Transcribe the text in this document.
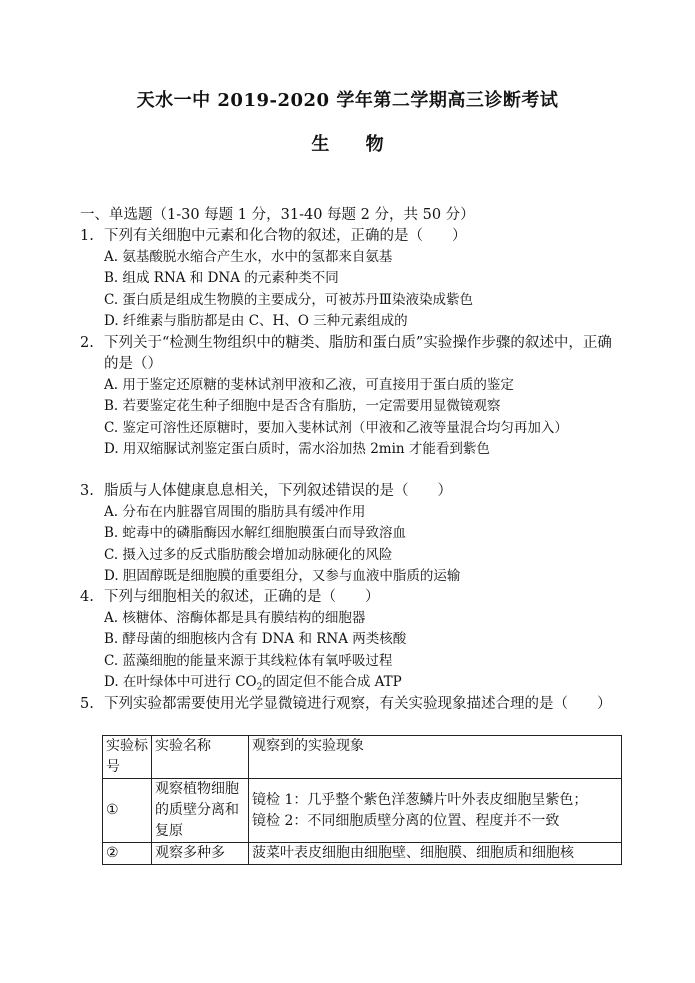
天水一中 2019-2020 学年第二学期高三诊断考试
生 物
一、单选题（1-30 每题 1 分，31-40 每题 2 分，共 50 分）
1. 下列有关细胞中元素和化合物的叙述，正确的是（　　）
A. 氨基酸脱水缩合产生水，水中的氢都来自氨基
B. 组成 RNA 和 DNA 的元素种类不同
C. 蛋白质是组成生物膜的主要成分，可被苏丹Ⅲ染液染成紫色
D. 纤维素与脂肪都是由 C、H、O 三种元素组成的
2. 下列关于“检测生物组织中的糖类、脂肪和蛋白质”实验操作步骤的叙述中，正确的是（）
A. 用于鉴定还原糖的斐林试剂甲液和乙液，可直接用于蛋白质的鉴定
B. 若要鉴定花生种子细胞中是否含有脂肪，一定需要用显微镜观察
C. 鉴定可溶性还原糖时，要加入斐林试剂（甲液和乙液等量混合均匀再加入）
D. 用双缩脲试剂鉴定蛋白质时，需水浴加热 2min 才能看到紫色
3. 脂质与人体健康息息相关，下列叙述错误的是（　　）
A. 分布在内脏器官周围的脂肪具有缓冲作用
B. 蛇毒中的磷脂酶因水解红细胞膜蛋白而导致溶血
C. 摄入过多的反式脂肪酸会增加动脉硬化的风险
D. 胆固醇既是细胞膜的重要组分，又参与血液中脂质的运输
4. 下列与细胞相关的叙述，正确的是（　　）
A. 核糖体、溶酶体都是具有膜结构的细胞器
B. 酵母菌的细胞核内含有 DNA 和 RNA 两类核酸
C. 蓝藻细胞的能量来源于其线粒体有氧呼吸过程
D. 在叶绿体中可进行 $CO_2$的固定但不能合成 ATP
5. 下列实验都需要使用光学显微镜进行观察，有关实验现象描述合理的是（　　）
实验标号	实验名称	观察到的实验现象
①	观察植物细胞的质壁分离和复原	镜检 1：几乎整个紫色洋葱鳞片叶外表皮细胞呈紫色；
镜检 2：不同细胞质壁分离的位置、程度并不一致

②	观察多种多	菠菜叶表皮细胞由细胞壁、细胞膜、细胞质和细胞核
